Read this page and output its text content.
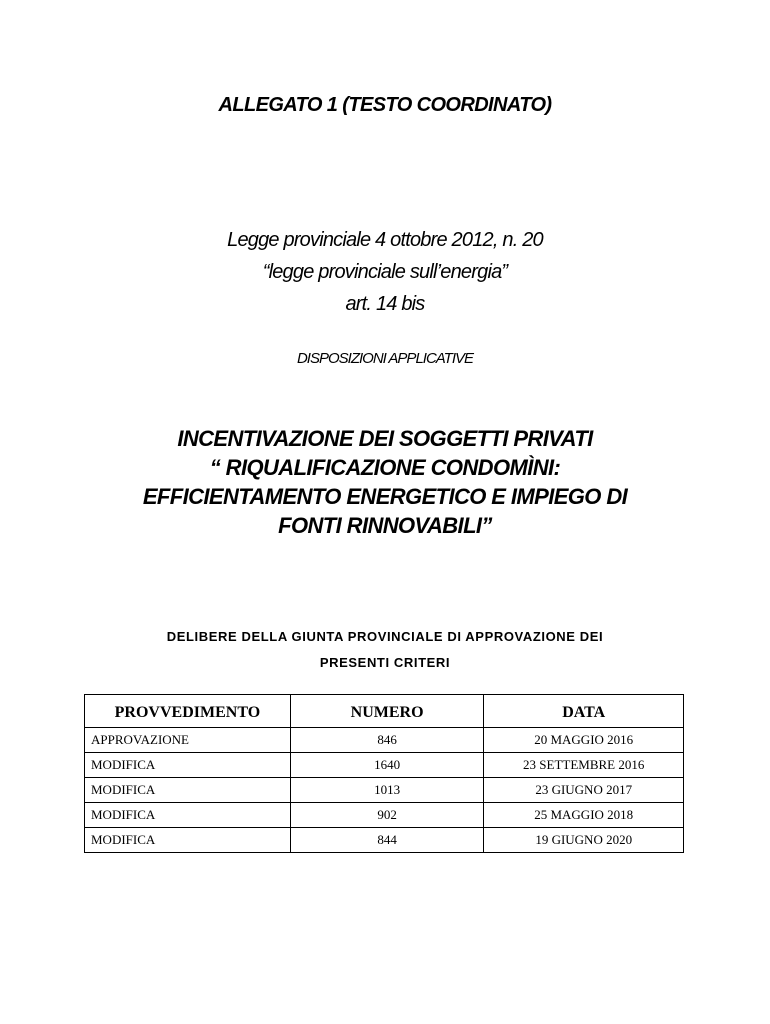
ALLEGATO 1 (TESTO COORDINATO)

Legge provinciale 4 ottobre 2012, n. 20
“legge provinciale sull’energia”
art. 14 bis

DISPOSIZIONI APPLICATIVE

INCENTIVAZIONE DEI SOGGETTI PRIVATI
“ RIQUALIFICAZIONE CONDOMÌNI:
EFFICIENTAMENTO ENERGETICO E IMPIEGO DI
FONTI RINNOVABILI”
DELIBERE DELLA GIUNTA PROVINCIALE DI APPROVAZIONE DEI
PRESENTI CRITERI
PROVVEDIMENTO	NUMERO	DATA
APPROVAZIONE	846	20 MAGGIO 2016
MODIFICA	1640	23 SETTEMBRE 2016
MODIFICA	1013	23 GIUGNO 2017
MODIFICA	902	25 MAGGIO 2018
MODIFICA	844	19 GIUGNO 2020
